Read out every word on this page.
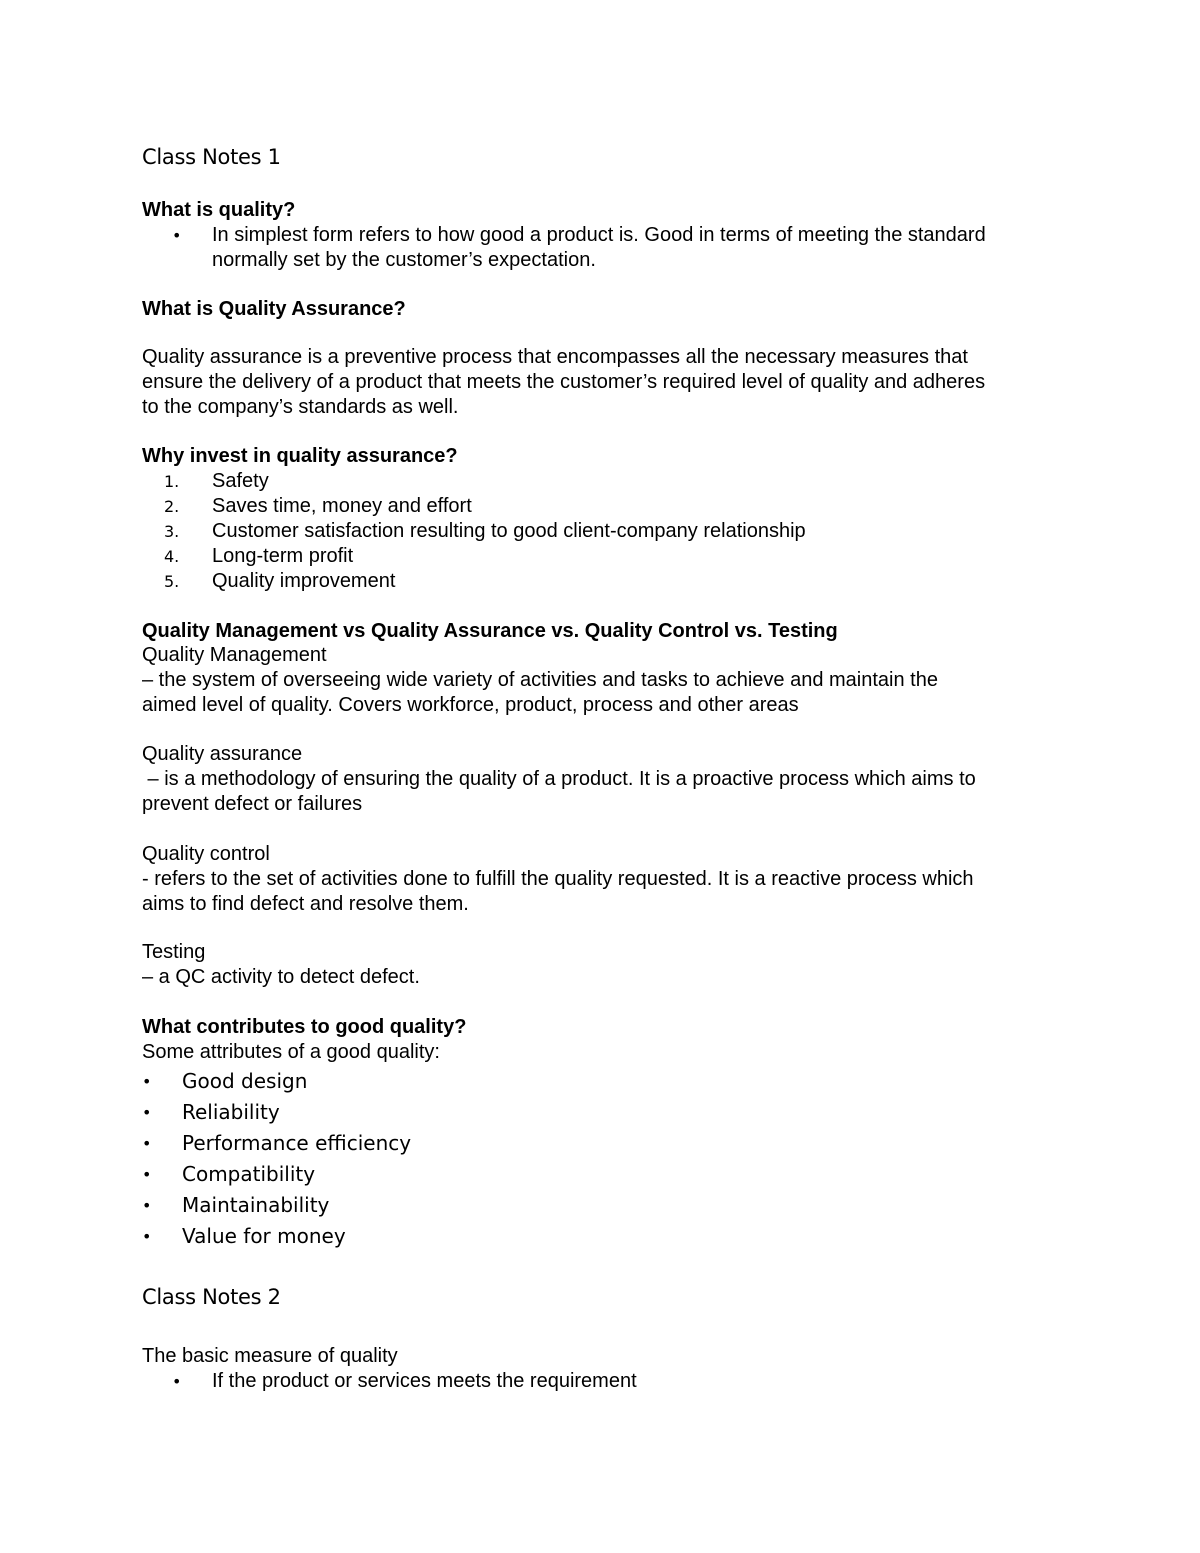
Class Notes 1

What is quality?

• In simplest form refers to how good a product is. Good in terms of meeting the standard

normally set by the customer’s expectation.

What is Quality Assurance?

Quality assurance is a preventive process that encompasses all the necessary measures that

ensure the delivery of a product that meets the customer’s required level of quality and adheres

to the company’s standards as well.

Why invest in quality assurance?

1.	Safety

2.	Saves time, money and effort

3.	Customer satisfaction resulting to good client-company relationship

4.	Long-term profit

5.	Quality improvement

Quality Management vs Quality Assurance vs. Quality Control vs. Testing

Quality Management

– the system of overseeing wide variety of activities and tasks to achieve and maintain the

aimed level of quality. Covers workforce, product, process and other areas

Quality assurance

– is a methodology of ensuring the quality of a product. It is a proactive process which aims to

prevent defect or failures

Quality control

- refers to the set of activities done to fulfill the quality requested. It is a reactive process which

aims to find defect and resolve them.

Testing

– a QC activity to detect defect.

What contributes to good quality?

Some attributes of a good quality:

• Good design
• Reliability
• Performance efficiency
• Compatibility
• Maintainability
• Value for money

Class Notes 2

The basic measure of quality

• If the product or services meets the requirement
